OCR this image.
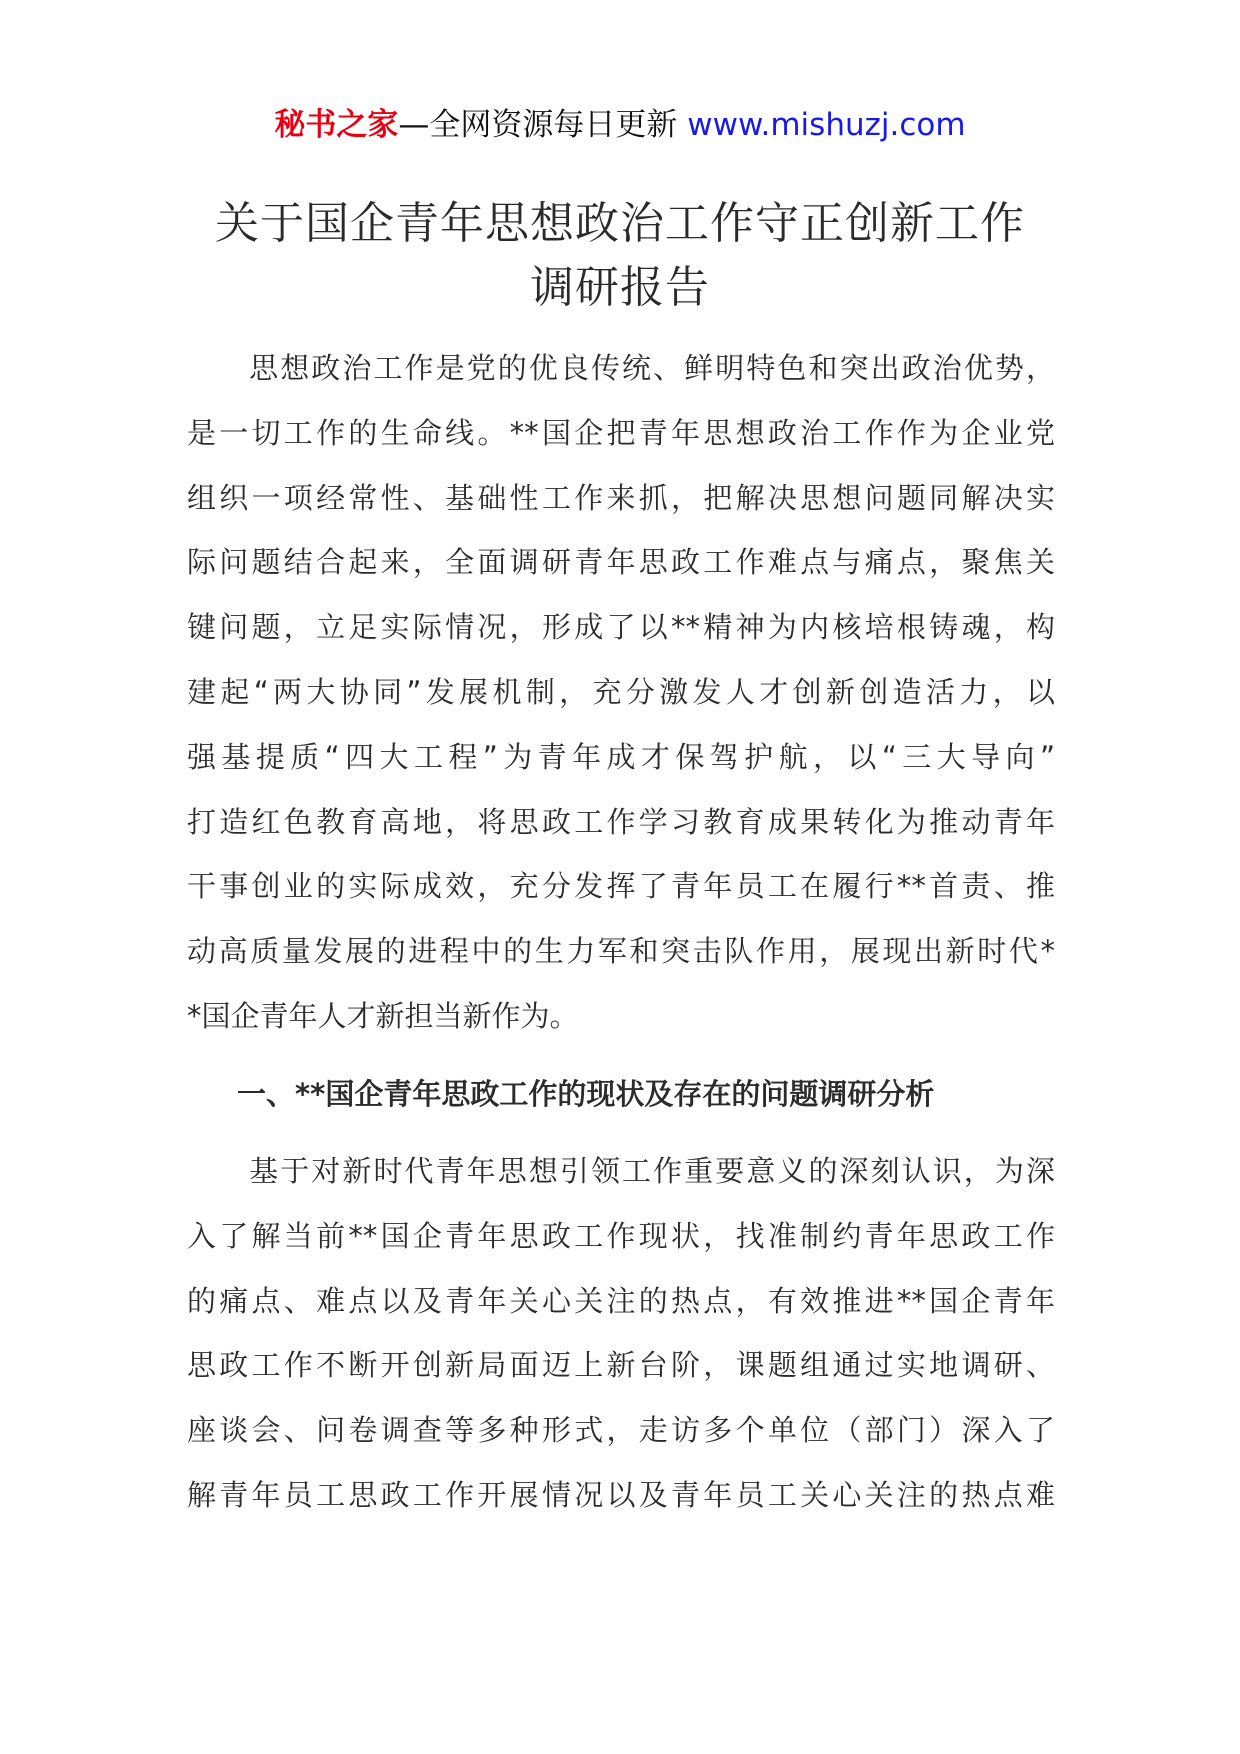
秘书之家—全网资源每日更新 www.mishuzj.com
关于国企青年思想政治工作守正创新工作
调研报告
　　思想政治工作是党的优良传统、鲜明特色和突出政治优势，
是一切工作的生命线。**国企把青年思想政治工作作为企业党
组织一项经常性、基础性工作来抓，把解决思想问题同解决实
际问题结合起来，全面调研青年思政工作难点与痛点，聚焦关
键问题，立足实际情况，形成了以**精神为内核培根铸魂，构
建起“两大协同”发展机制，充分激发人才创新创造活力，以
强基提质“四大工程”为青年成才保驾护航，以“三大导向”
打造红色教育高地，将思政工作学习教育成果转化为推动青年
干事创业的实际成效，充分发挥了青年员工在履行**首责、推
动高质量发展的进程中的生力军和突击队作用，展现出新时代*
*国企青年人才新担当新作为。
一、**国企青年思政工作的现状及存在的问题调研分析
　　基于对新时代青年思想引领工作重要意义的深刻认识，为深
入了解当前**国企青年思政工作现状，找准制约青年思政工作
的痛点、难点以及青年关心关注的热点，有效推进**国企青年
思政工作不断开创新局面迈上新台阶，课题组通过实地调研、
座谈会、问卷调查等多种形式，走访多个单位（部门）深入了
解青年员工思政工作开展情况以及青年员工关心关注的热点难
